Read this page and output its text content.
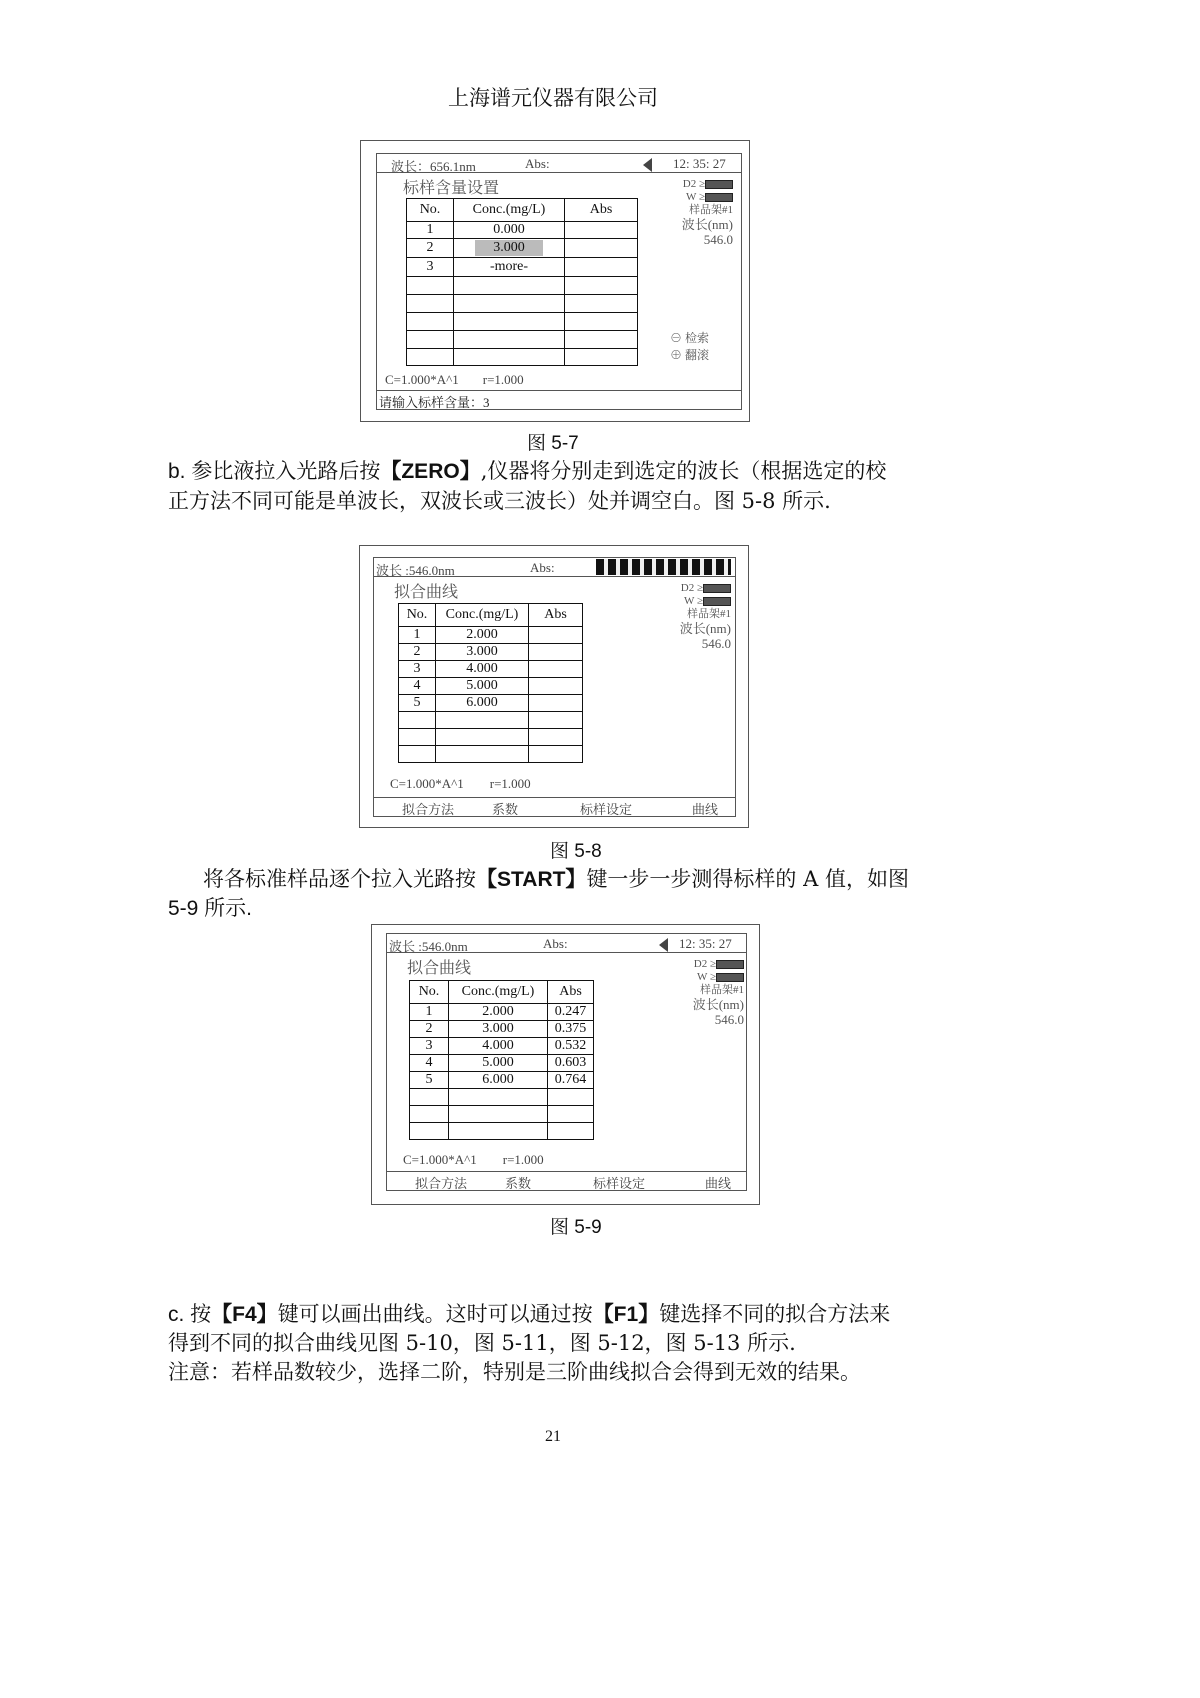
上海谱元仪器有限公司
波长：656.1nm	Abs:	12: 35: 27
标样含量设置
No.	Conc.(mg/L)	Abs
1	0.000	
2	3.000	
3	-more-	

D2 ≥
W ≥
样品架#1
波长(nm)
546.0
⊖ 检索
⊕ 翻滚
C=1.000*A^1 r=1.000
请输入标样含量：3
图 5-7
b. 参比液拉入光路后按【ZERO】,仪器将分别走到选定的波长（根据选定的校
正方法不同可能是单波长，双波长或三波长）处并调空白。图 5-8 所示.
波长 :546.0nm	Abs:
拟合曲线
No.	Conc.(mg/L)	Abs
1	2.000	
2	3.000	
3	4.000	
4	5.000	
5	6.000	

D2 ≥
W ≥
样品架#1
波长(nm)
546.0
C=1.000*A^1 r=1.000
拟合方法	系数	标样设定	曲线
图 5-8
将各标准样品逐个拉入光路按【START】键一步一步测得标样的 A 值，如图
5-9 所示.
波长 :546.0nm	Abs:	12: 35: 27
拟合曲线
No.	Conc.(mg/L)	Abs
1	2.000	0.247
2	3.000	0.375
3	4.000	0.532
4	5.000	0.603
5	6.000	0.764

D2 ≥
W ≥
样品架#1
波长(nm)
546.0
C=1.000*A^1 r=1.000
拟合方法	系数	标样设定	曲线
图 5-9
c. 按【F4】键可以画出曲线。这时可以通过按【F1】键选择不同的拟合方法来
得到不同的拟合曲线见图 5-10，图 5-11，图 5-12，图 5-13 所示.
注意：若样品数较少，选择二阶，特别是三阶曲线拟合会得到无效的结果。
21
